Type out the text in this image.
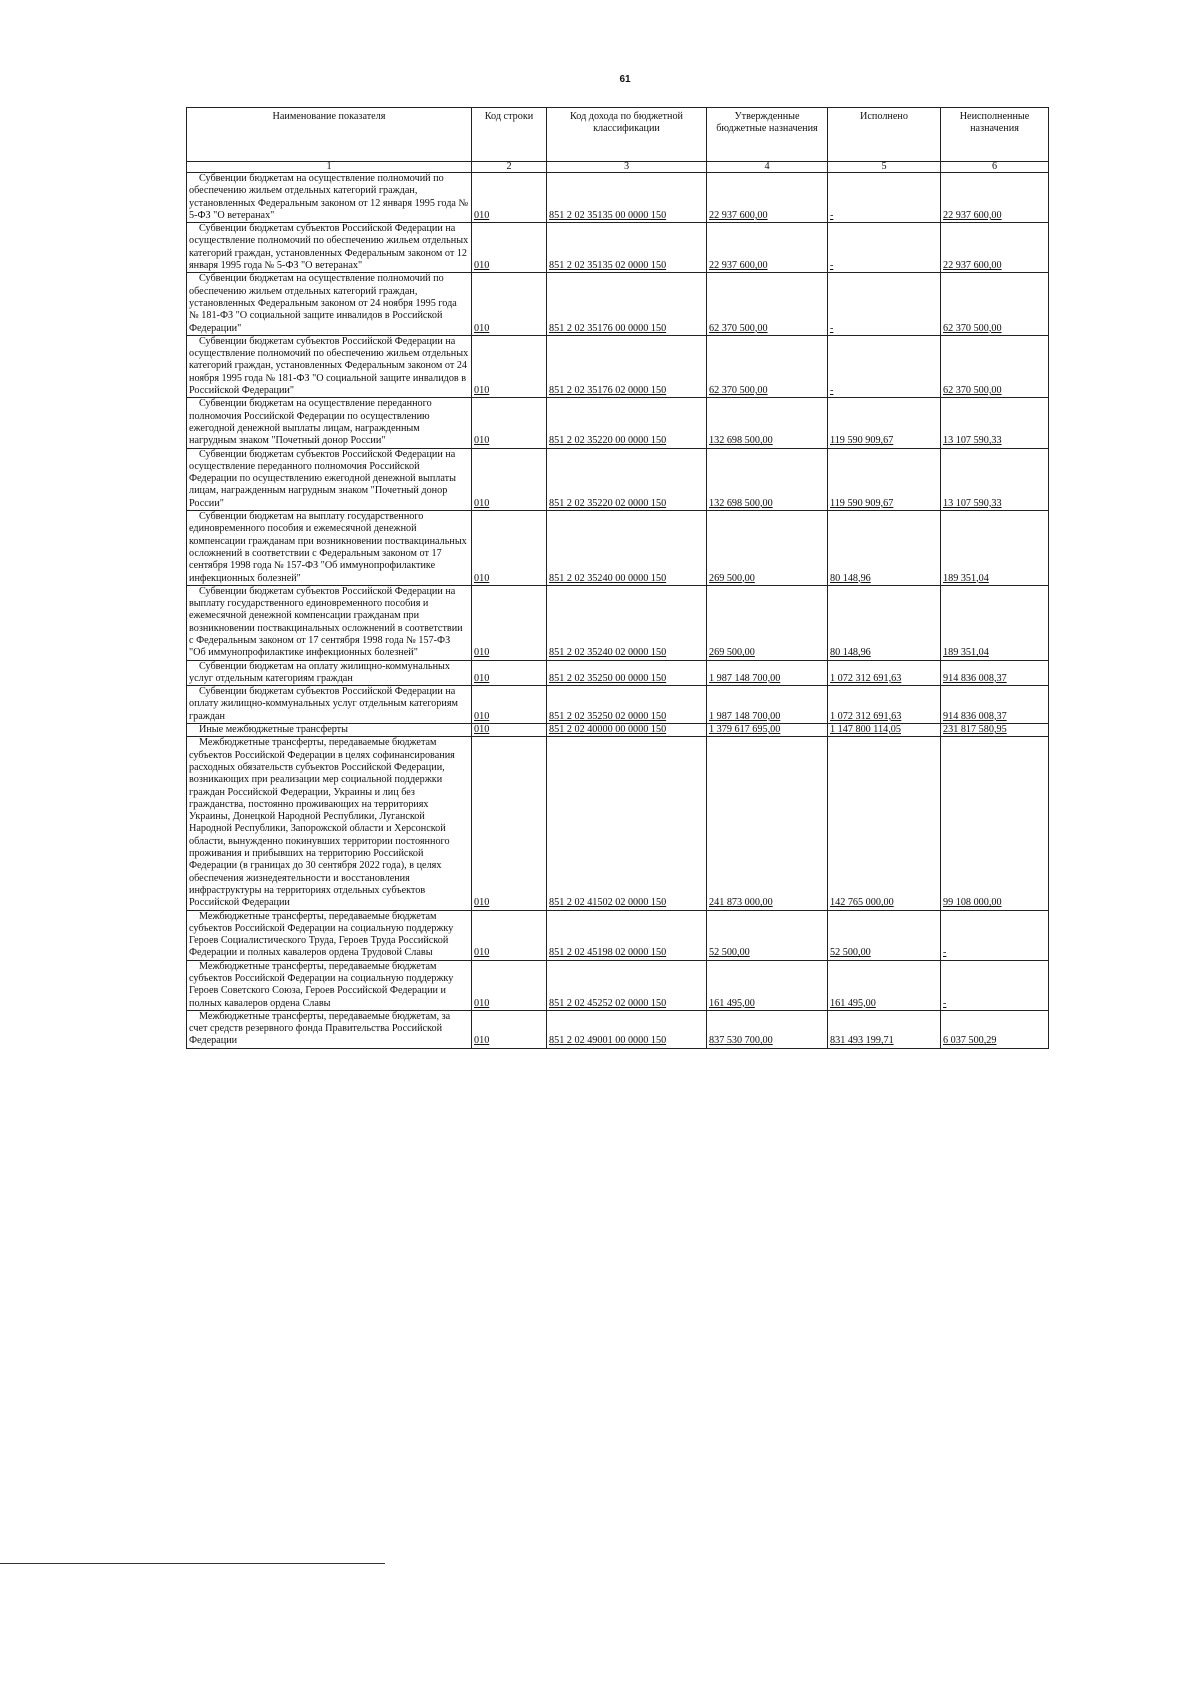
61
Наименование показателя	Код строки	Код дохода по бюджетной классификации	Утвержденные бюджетные назначения	Исполнено	Неисполненные назначения
1	2	3	4	5	6
Субвенции бюджетам на осуществление полномочий по обеспечению жильем отдельных категорий граждан, установленных Федеральным законом от 12 января 1995 года № 5-ФЗ "О ветеранах"	010	851 2 02 35135 00 0000 150	22 937 600,00	-	22 937 600,00
Субвенции бюджетам субъектов Российской Федерации на осуществление полномочий по обеспечению жильем отдельных категорий граждан, установленных Федеральным законом от 12 января 1995 года № 5-ФЗ "О ветеранах"	010	851 2 02 35135 02 0000 150	22 937 600,00	-	22 937 600,00
Субвенции бюджетам на осуществление полномочий по обеспечению жильем отдельных категорий граждан, установленных Федеральным законом от 24 ноября 1995 года № 181-ФЗ "О социальной защите инвалидов в Российской Федерации"	010	851 2 02 35176 00 0000 150	62 370 500,00	-	62 370 500,00
Субвенции бюджетам субъектов Российской Федерации на осуществление полномочий по обеспечению жильем отдельных категорий граждан, установленных Федеральным законом от 24 ноября 1995 года № 181-ФЗ "О социальной защите инвалидов в Российской Федерации"	010	851 2 02 35176 02 0000 150	62 370 500,00	-	62 370 500,00
Субвенции бюджетам на осуществление переданного полномочия Российской Федерации по осуществлению ежегодной денежной выплаты лицам, награжденным нагрудным знаком "Почетный донор России"	010	851 2 02 35220 00 0000 150	132 698 500,00	119 590 909,67	13 107 590,33
Субвенции бюджетам субъектов Российской Федерации на осуществление переданного полномочия Российской Федерации по осуществлению ежегодной денежной выплаты лицам, награжденным нагрудным знаком "Почетный донор России"	010	851 2 02 35220 02 0000 150	132 698 500,00	119 590 909,67	13 107 590,33
Субвенции бюджетам на выплату государственного единовременного пособия и ежемесячной денежной компенсации гражданам при возникновении поствакцинальных осложнений в соответствии с Федеральным законом от 17 сентября 1998 года № 157-ФЗ "Об иммунопрофилактике инфекционных болезней"	010	851 2 02 35240 00 0000 150	269 500,00	80 148,96	189 351,04
Субвенции бюджетам субъектов Российской Федерации на выплату государственного единовременного пособия и ежемесячной денежной компенсации гражданам при возникновении поствакцинальных осложнений в соответствии с Федеральным законом от 17 сентября 1998 года № 157-ФЗ "Об иммунопрофилактике инфекционных болезней"	010	851 2 02 35240 02 0000 150	269 500,00	80 148,96	189 351,04
Субвенции бюджетам на оплату жилищно-коммунальных услуг отдельным категориям граждан	010	851 2 02 35250 00 0000 150	1 987 148 700,00	1 072 312 691,63	914 836 008,37
Субвенции бюджетам субъектов Российской Федерации на оплату жилищно-коммунальных услуг отдельным категориям граждан	010	851 2 02 35250 02 0000 150	1 987 148 700,00	1 072 312 691,63	914 836 008,37
Иные межбюджетные трансферты	010	851 2 02 40000 00 0000 150	1 379 617 695,00	1 147 800 114,05	231 817 580,95
Межбюджетные трансферты, передаваемые бюджетам субъектов Российской Федерации в целях софинансирования расходных обязательств субъектов Российской Федерации, возникающих при реализации мер социальной поддержки граждан Российской Федерации, Украины и лиц без гражданства, постоянно проживающих на территориях Украины, Донецкой Народной Республики, Луганской Народной Республики, Запорожской области и Херсонской области, вынужденно покинувших территории постоянного проживания и прибывших на территорию Российской Федерации (в границах до 30 сентября 2022 года), в целях обеспечения жизнедеятельности и восстановления инфраструктуры на территориях отдельных субъектов Российской Федерации	010	851 2 02 41502 02 0000 150	241 873 000,00	142 765 000,00	99 108 000,00
Межбюджетные трансферты, передаваемые бюджетам субъектов Российской Федерации на социальную поддержку Героев Социалистического Труда, Героев Труда Российской Федерации и полных кавалеров ордена Трудовой Славы	010	851 2 02 45198 02 0000 150	52 500,00	52 500,00	-
Межбюджетные трансферты, передаваемые бюджетам субъектов Российской Федерации на социальную поддержку Героев Советского Союза, Героев Российской Федерации и полных кавалеров ордена Славы	010	851 2 02 45252 02 0000 150	161 495,00	161 495,00	-
Межбюджетные трансферты, передаваемые бюджетам, за счет средств резервного фонда Правительства Российской Федерации	010	851 2 02 49001 00 0000 150	837 530 700,00	831 493 199,71	6 037 500,29
